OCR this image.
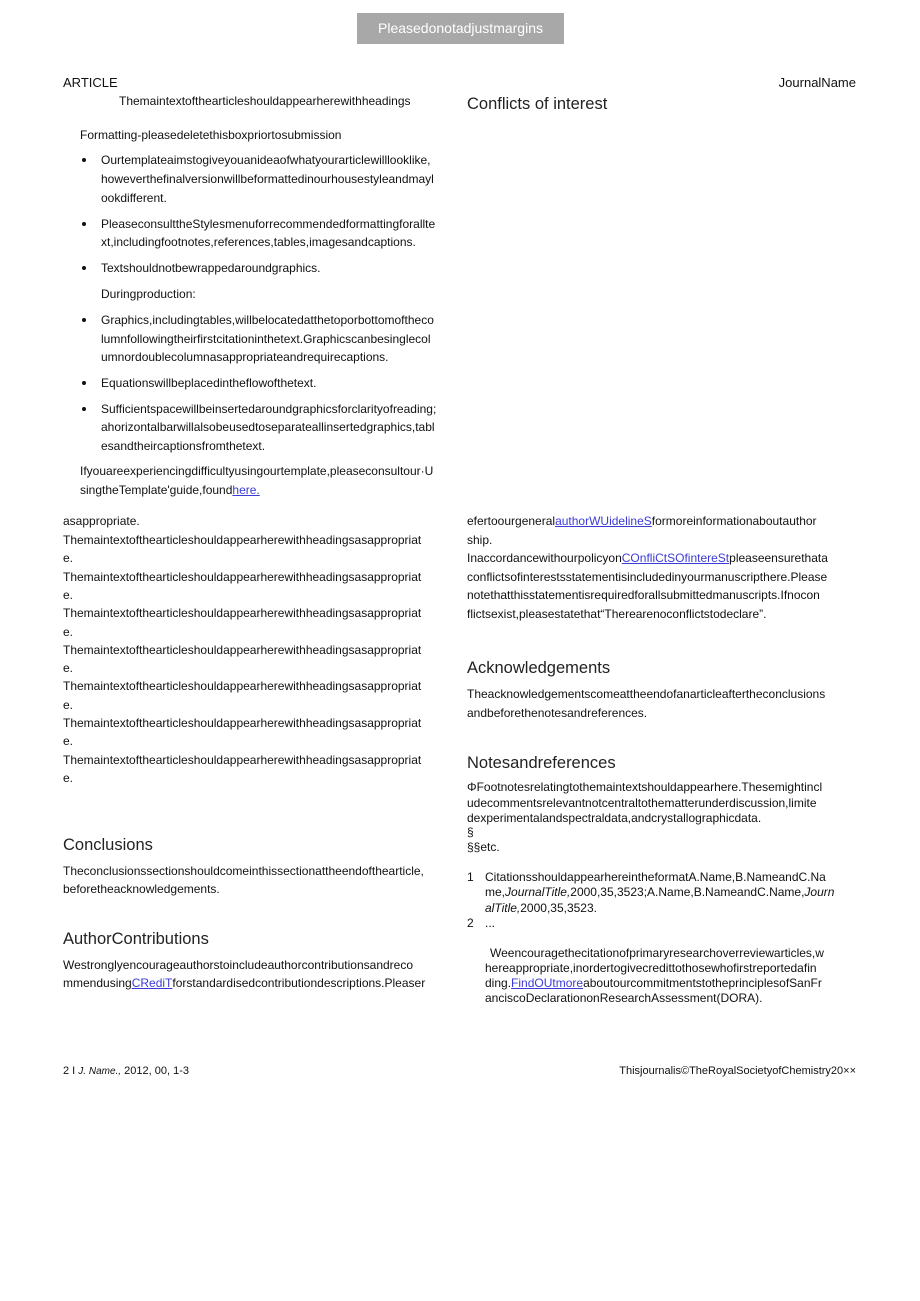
Pleasedonotadjustmargins
ARTICLE	JournalName
Themaintextofthearticleshouldappearherewithheadings
Formatting-pleasedeletethisboxpriortosubmission
Ourtemplateaimstogiveyouanideaofwhatyourarticlewilllooklike,
howeverthefinalversionwillbeformattedinourhousestyleandmayl
ookdifferent.
PleaseconsulttheStylesmenuforrecommendedformattingforallte
xt,includingfootnotes,references,tables,imagesandcaptions.
Textshouldnotbewrappedaroundgraphics.
Duringproduction:
Graphics,includingtables,willbelocatedatthetoporbottomoftheco
lumnfollowingtheirfirstcitationinthetext.Graphicscanbesinglecol
umnordoublecolumnasappropriateandrequirecaptions.
Equationswillbeplacedintheflowofthetext.
Sufficientspacewillbeinsertedaroundgraphicsforclarityofreading;
ahorizontalbarwillalsobeusedtoseparateallinsertedgraphics,tabl
esandtheircaptionsfromthetext.
Ifyouareexperiencingdifficultyusingourtemplate,pleaseconsultour·U
singtheTemplate'guide,foundhere.
asappropriate.
Themaintextofthearticleshouldappearherewithheadingsasappropriat
e.
Themaintextofthearticleshouldappearherewithheadingsasappropriat
e.
Themaintextofthearticleshouldappearherewithheadingsasappropriat
e.
Themaintextofthearticleshouldappearherewithheadingsasappropriat
e.
Themaintextofthearticleshouldappearherewithheadingsasappropriat
e.
Themaintextofthearticleshouldappearherewithheadingsasappropriat
e.
Themaintextofthearticleshouldappearherewithheadingsasappropriat
e.
Conclusions
Theconclusionssectionshouldcomeinthissectionattheendofthearticle,
beforetheacknowledgements.
AuthorContributions
Westronglyencourageauthorstoincludeauthorcontributionsandreco
mmendusingCRediTforstandardisedcontributiondescriptions.Pleaser
Conflicts of interest
efertoourgeneralauthorWUidelineSformoreinformationaboutauthor
ship.
InaccordancewithourpolicyonCOnfliCtSOfintereStpleaseensurethata
conflictsofinterestsstatementisincludedinyourmanuscripthere.Please
notethatthisstatementisrequiredforallsubmittedmanuscripts.Ifnocon
flictsexist,pleasestatethat“Therearenoconflictstodeclare”.
Acknowledgements
Theacknowledgementscomeattheendofanarticleaftertheconclusions
andbeforethenotesandreferences.
Notesandreferences
ΦFootnotesrelatingtothemaintextshouldappearhere.Thesemightincl
udecommentsrelevantnotcentraltothematterunderdiscussion,limite
dexperimentalandspectraldata,andcrystallographicdata.
§
§§etc.
1 CitationsshouldappearhereintheformatA.Name,B.NameandC.Na
me,JournalTitle,2000,35,3523;A.Name,B.NameandC.Name,Journ
alTitle,2000,35,3523.
2 ...
Weencouragethecitationofprimaryresearchoverreviewarticles,w
hereappropriate,inordertogivecredittothosewhofirstreportedafin
ding.FindOUtmoreaboutourcommitmentstotheprinciplesofSanFr
anciscoDeclarationonResearchAssessment(DORA).
2 I J. Name., 2012, 00, 1-3	Thisjournalis©TheRoyalSocietyofChemistry20××
